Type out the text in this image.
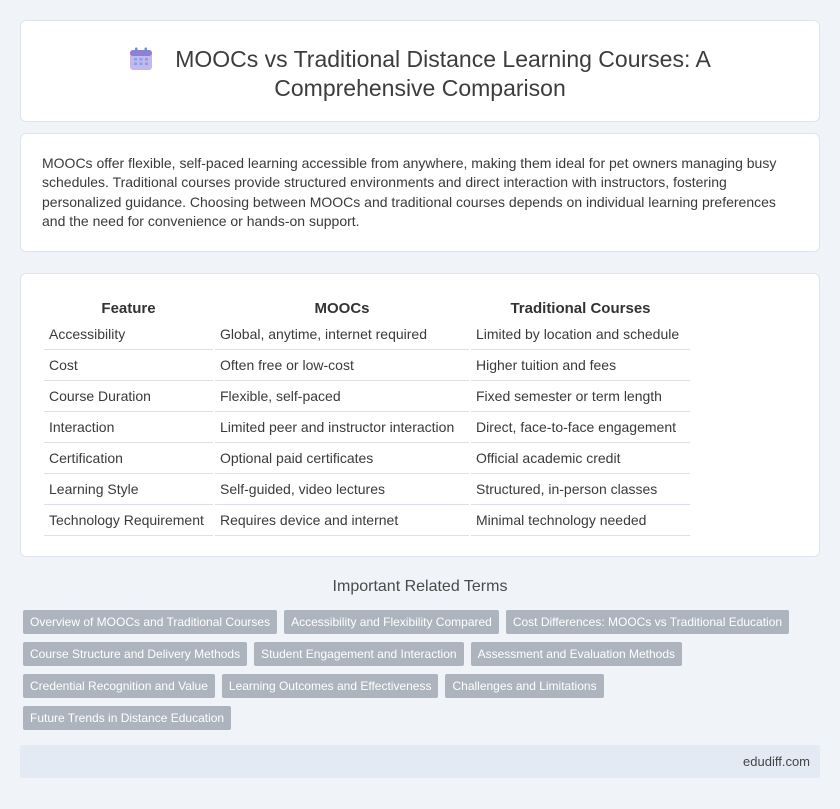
MOOCs vs Traditional Distance Learning Courses: A
Comprehensive Comparison

MOOCs offer flexible, self-paced learning accessible from anywhere, making them ideal for pet owners managing busy schedules. Traditional courses provide structured environments and direct interaction with instructors, fostering personalized guidance. Choosing between MOOCs and traditional courses depends on individual learning preferences and the need for convenience or hands-on support.

Feature	MOOCs	Traditional Courses
Accessibility	Global, anytime, internet required	Limited by location and schedule
Cost	Often free or low-cost	Higher tuition and fees
Course Duration	Flexible, self-paced	Fixed semester or term length
Interaction	Limited peer and instructor interaction	Direct, face-to-face engagement
Certification	Optional paid certificates	Official academic credit
Learning Style	Self-guided, video lectures	Structured, in-person classes
Technology Requirement	Requires device and internet	Minimal technology needed
Important Related Terms
Overview of MOOCs and Traditional Courses	Accessibility and Flexibility Compared	Cost Differences: MOOCs vs Traditional Education
Course Structure and Delivery Methods	Student Engagement and Interaction	Assessment and Evaluation Methods
Credential Recognition and Value	Learning Outcomes and Effectiveness	Challenges and Limitations
Future Trends in Distance Education
edudiff.com
